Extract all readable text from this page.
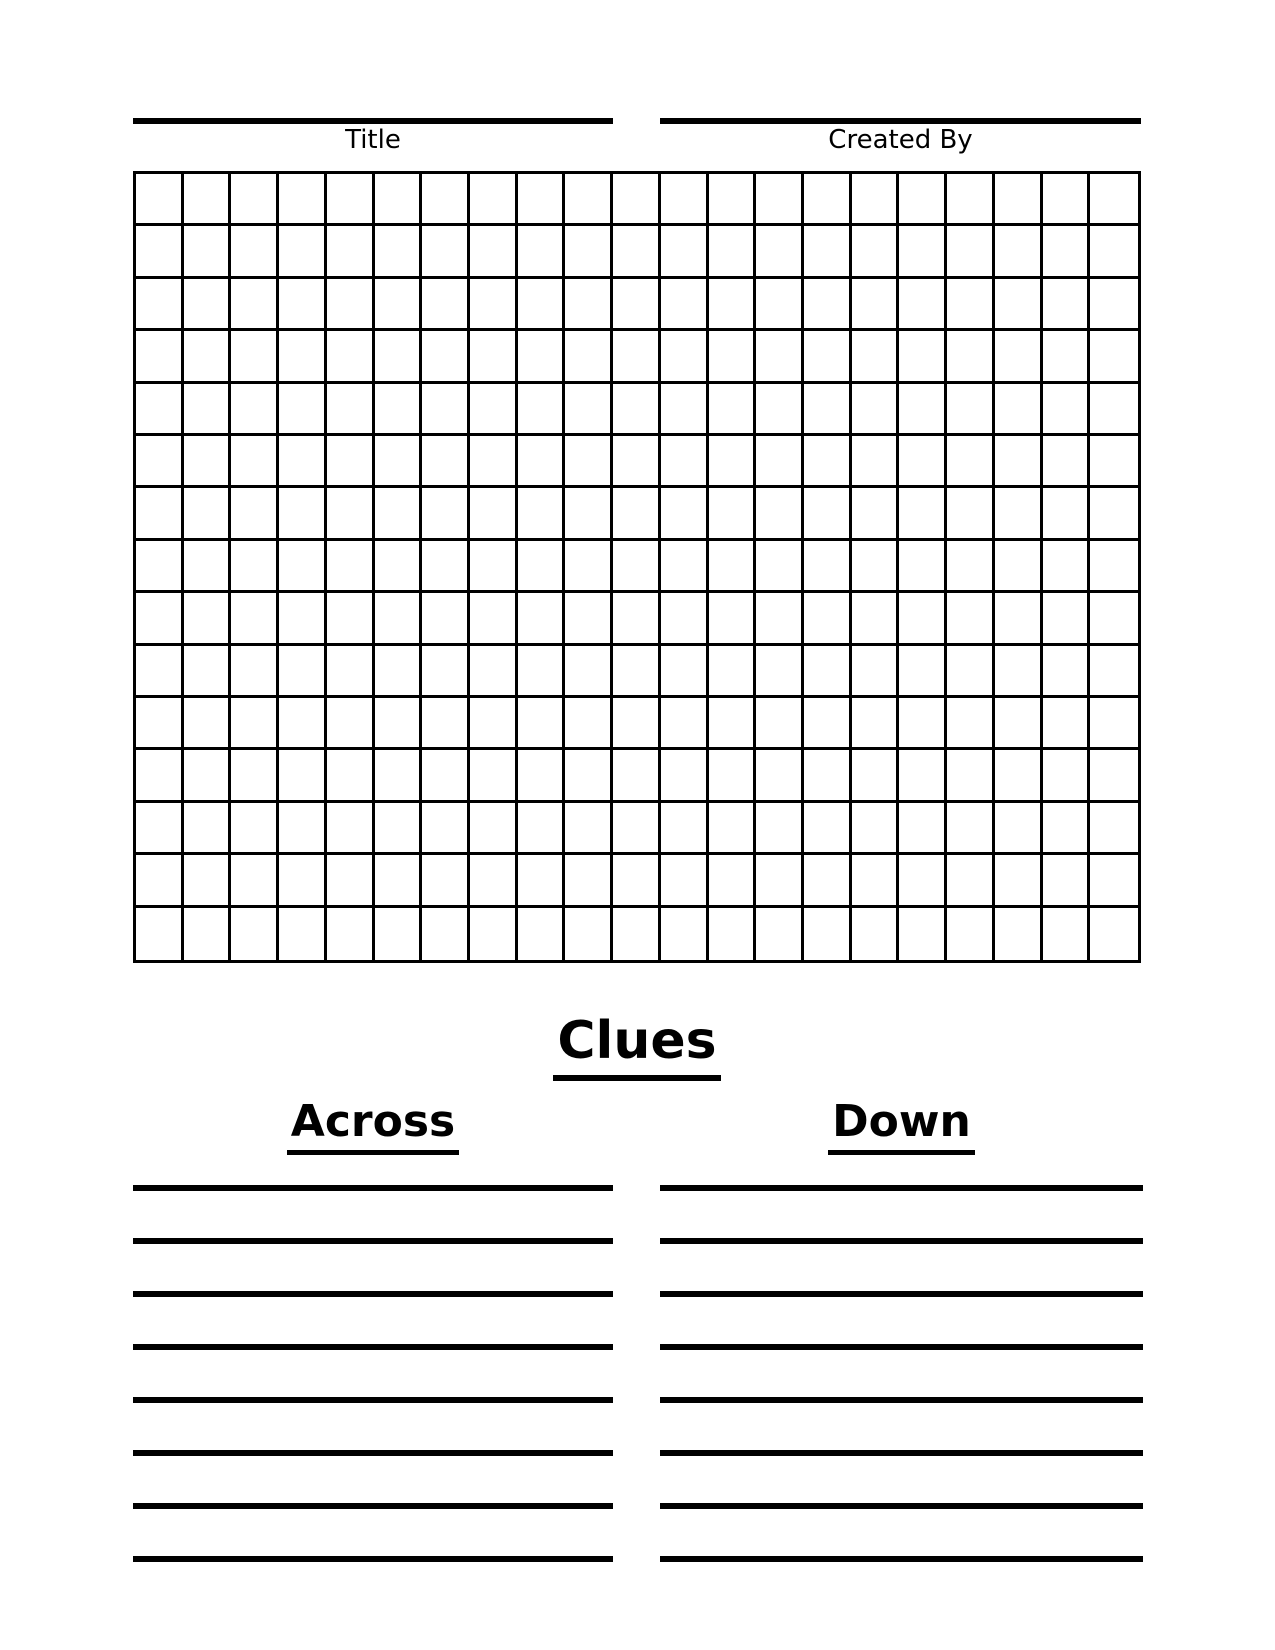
Title	Created By
Clues
Across	Down
